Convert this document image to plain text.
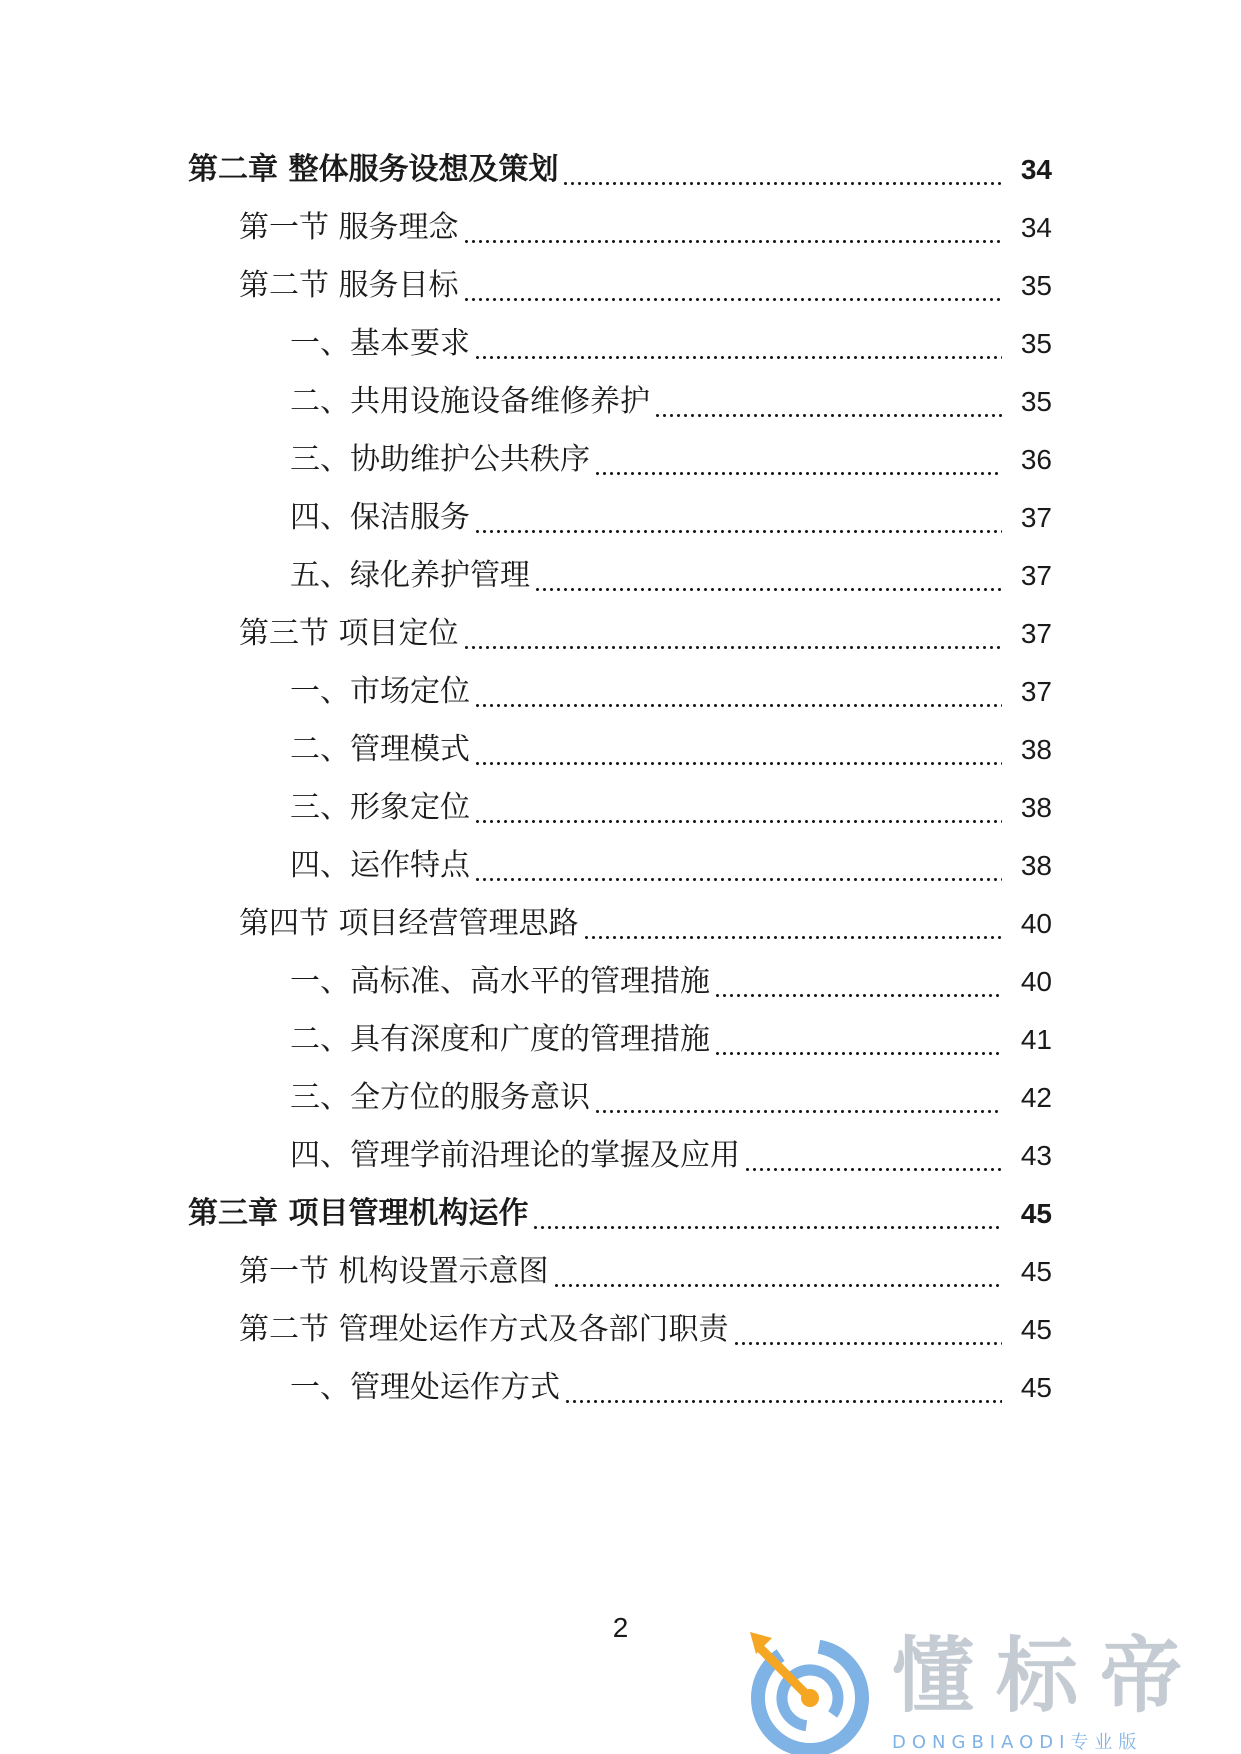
第二章 整体服务设想及策划	34
第一节 服务理念	34
第二节 服务目标	35
一、基本要求	35
二、共用设施设备维修养护	35
三、协助维护公共秩序	36
四、保洁服务	37
五、绿化养护管理	37
第三节 项目定位	37
一、市场定位	37
二、管理模式	38
三、形象定位	38
四、运作特点	38
第四节 项目经营管理思路	40
一、高标准、高水平的管理措施	40
二、具有深度和广度的管理措施	41
三、全方位的服务意识	42
四、管理学前沿理论的掌握及应用	43
第三章 项目管理机构运作	45
第一节 机构设置示意图	45
第二节 管理处运作方式及各部门职责	45
一、管理处运作方式	45
2
懂标帝
DONGBIAODI专业版
